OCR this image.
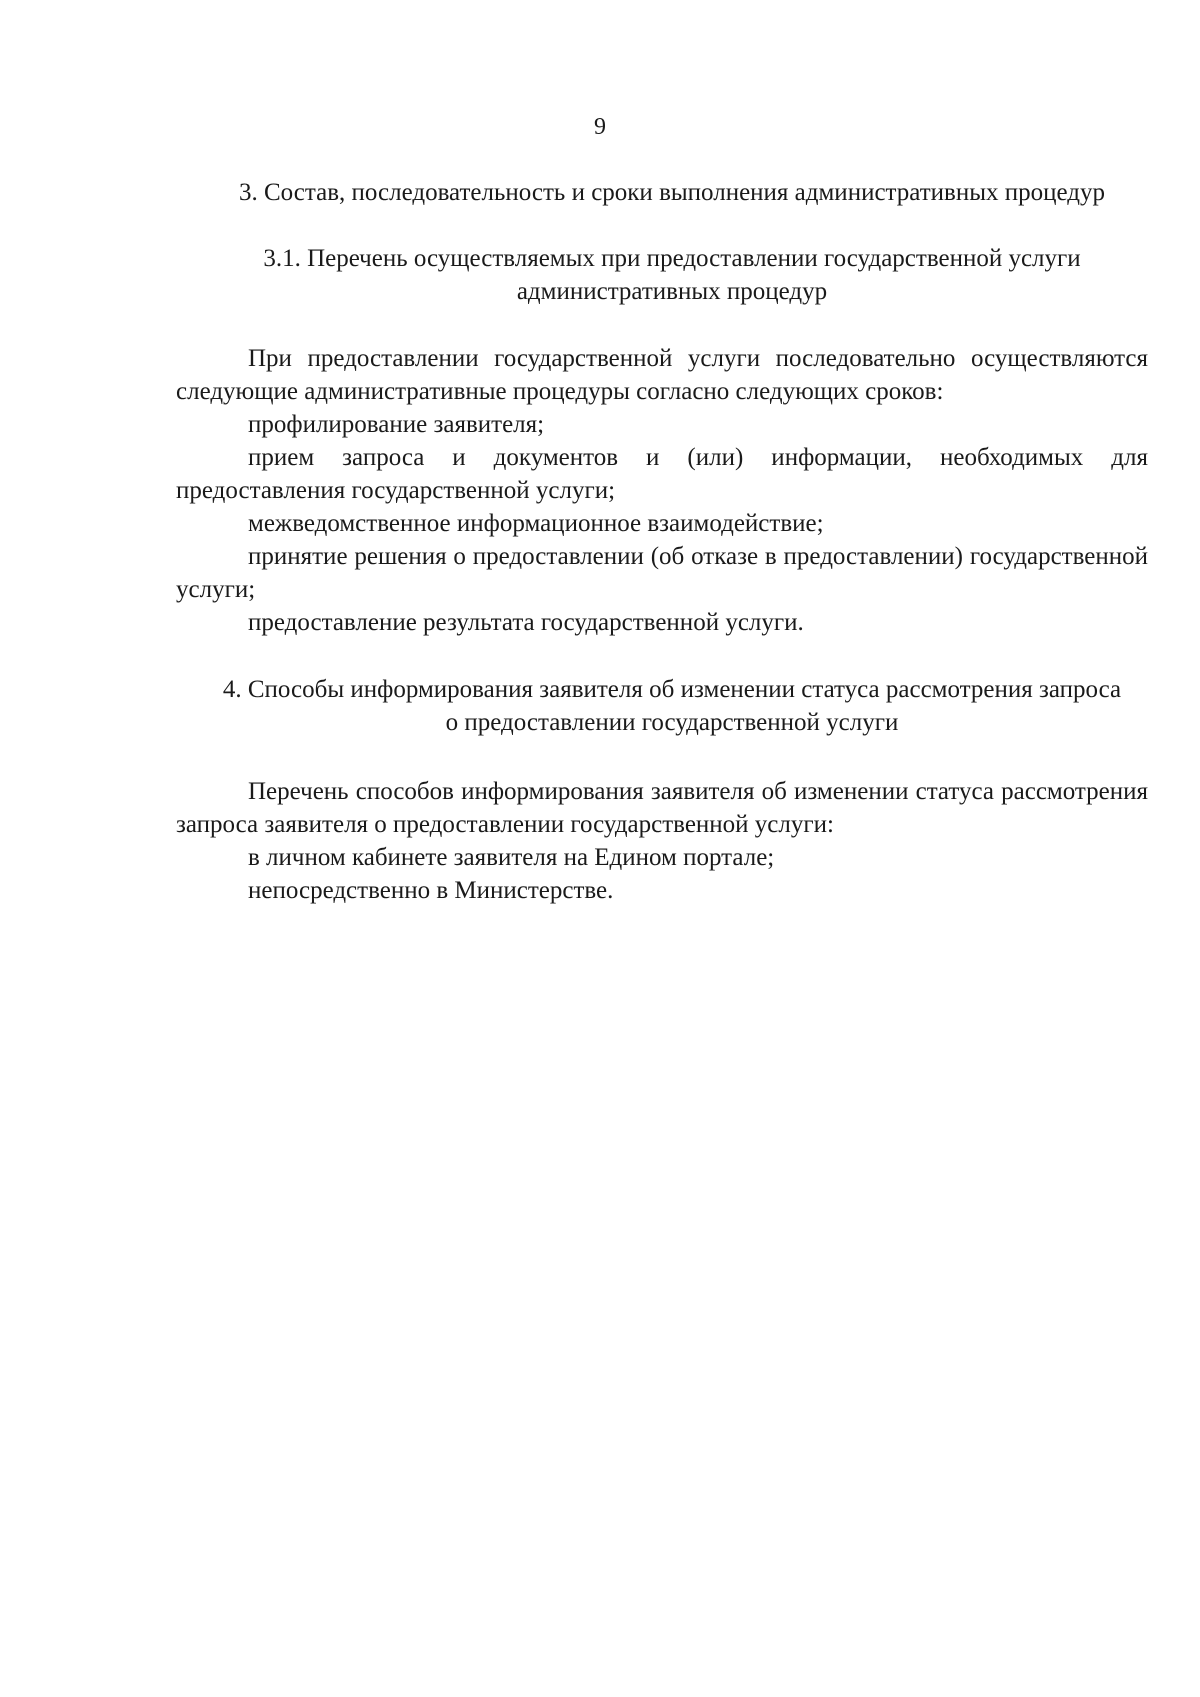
9
3. Состав, последовательность и сроки выполнения административных процедур
3.1. Перечень осуществляемых при предоставлении государственной услуги административных процедур

При предоставлении государственной услуги последовательно осуществляются следующие административные процедуры согласно следующих сроков:

профилирование заявителя;

прием запроса и документов и (или) информации, необходимых для предоставления государственной услуги;

межведомственное информационное взаимодействие;

принятие решения о предоставлении (об отказе в предоставлении) государственной услуги;

предоставление результата государственной услуги.

4. Способы информирования заявителя об изменении статуса рассмотрения запроса о предоставлении государственной услуги

Перечень способов информирования заявителя об изменении статуса рассмотрения запроса заявителя о предоставлении государственной услуги:

в личном кабинете заявителя на Едином портале;

непосредственно в Министерстве.
